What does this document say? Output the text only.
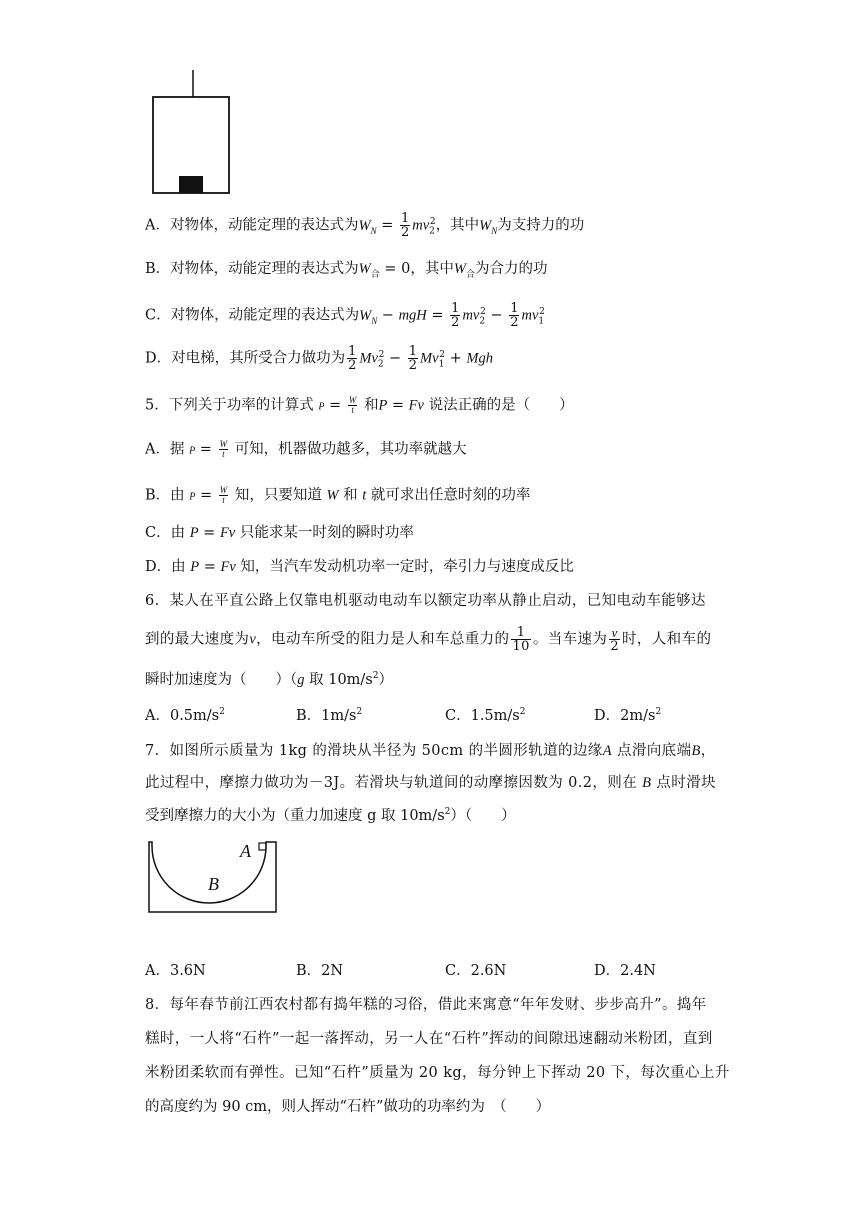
A．对物体，动能定理的表达式为$W_N = \frac{1}{2} mv_2^2$，其中$W_N$为支持力的功
B．对物体，动能定理的表达式为$W_合 = 0$，其中$W_合$为合力的功
C．对物体，动能定理的表达式为$W_N$ − mgH = $\frac{1}{2} mv_2^2 - \frac{1}{2} mv_1^2$
D．对电梯，其所受合力做功为 $\frac{1}{2} Mv_2^2 - \frac{1}{2} Mv_1^2$ + Mgh
5．下列关于功率的计算式 $P = \frac{W}{t}$ 和P = Fv 说法正确的是（　　）
A．据 $P = \frac{W}{t}$ 可知，机器做功越多，其功率就越大
B．由 $P = \frac{W}{t}$ 知，只要知道 W 和 t 就可求出任意时刻的功率
C．由 P = Fv 只能求某一时刻的瞬时功率
D．由 P = Fv 知，当汽车发动机功率一定时，牵引力与速度成反比
6．某人在平直公路上仅靠电机驱动电动车以额定功率从静止启动，已知电动车能够达
到的最大速度为v，电动车所受的阻力是人和车总重力的 $\frac{1}{10}$ 。当车速为 $\frac{v}{2}$ 时，人和车的
瞬时加速度为（　　）（g 取 $10m/s^2$）
A．$0.5m/s^2$	B．$1m/s^2$	C．$1.5m/s^2$	D．$2m/s^2$
7．如图所示质量为 1kg 的滑块从半径为 50cm 的半圆形轨道的边缘A 点滑向底端B，
此过程中，摩擦力做功为－3J。若滑块与轨道间的动摩擦因数为 0.2，则在 B 点时滑块
受到摩擦力的大小为（重力加速度 g 取 $10m/s^2$）（　　）
A
B
A．3.6N	B．2N	C．2.6N	D．2.4N
8．每年春节前江西农村都有捣年糕的习俗，借此来寓意“年年发财、步步高升”。捣年
糕时，一人将“石杵”一起一落挥动，另一人在“石杵”挥动的间隙迅速翻动米粉团，直到
米粉团柔软而有弹性。已知“石杵”质量为 20 kg，每分钟上下挥动 20 下，每次重心上升
的高度约为 90 cm，则人挥动“石杵”做功的功率约为　（　　）
